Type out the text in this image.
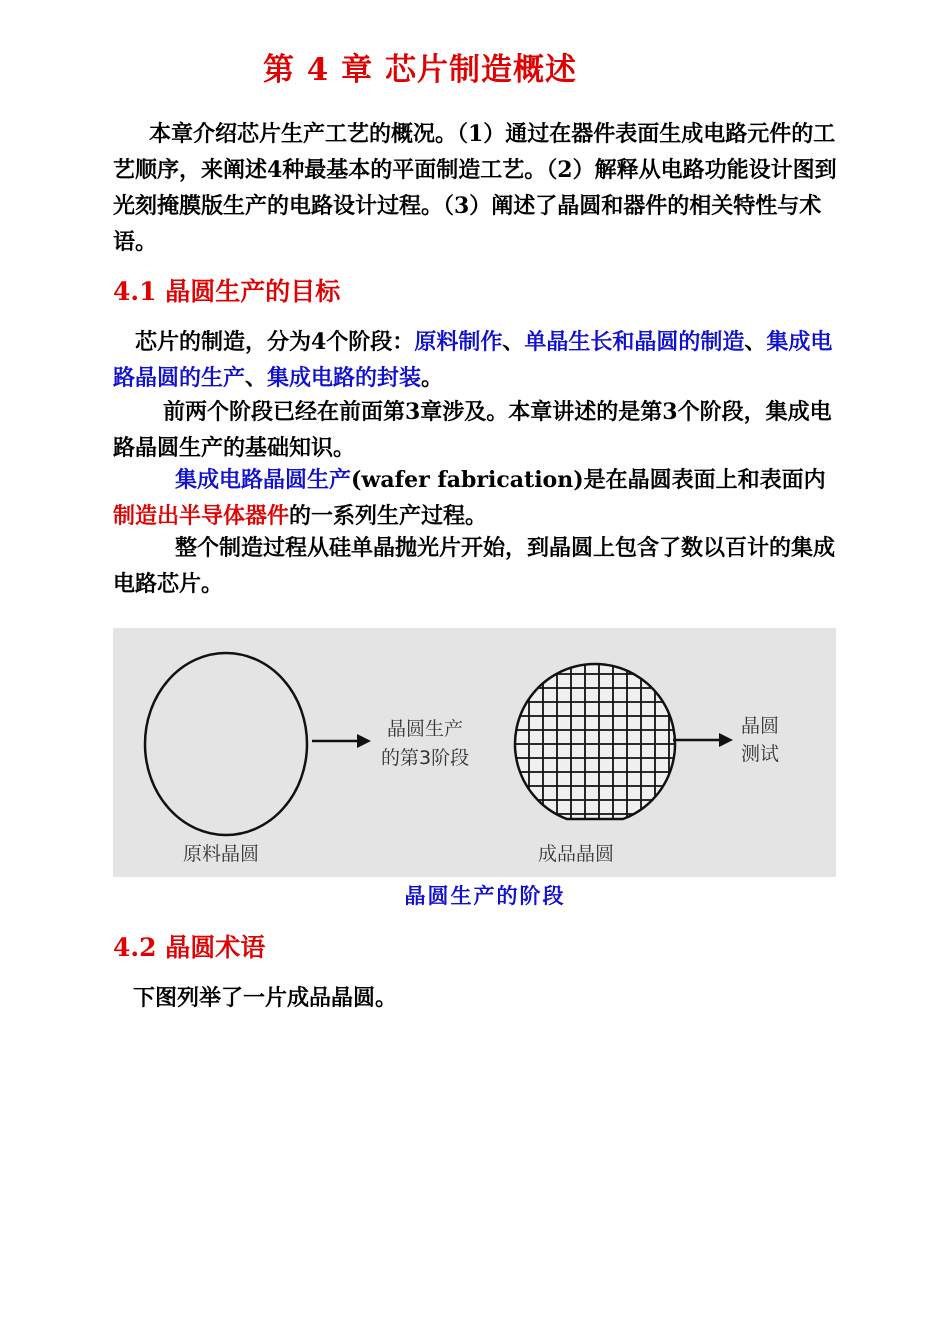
第 4 章 芯片制造概述
本章介绍芯片生产工艺的概况。（1）通过在器件表面生成电路元件的工艺顺序，来阐述4种最基本的平面制造工艺。（2）解释从电路功能设计图到光刻掩膜版生产的电路设计过程。（3）阐述了晶圆和器件的相关特性与术语。
4.1 晶圆生产的目标
芯片的制造，分为4个阶段：原料制作、单晶生长和晶圆的制造、集成电路晶圆的生产、集成电路的封装。
前两个阶段已经在前面第3章涉及。本章讲述的是第3个阶段，集成电路晶圆生产的基础知识。
集成电路晶圆生产(wafer fabrication)是在晶圆表面上和表面内制造出半导体器件的一系列生产过程。
整个制造过程从硅单晶抛光片开始，到晶圆上包含了数以百计的集成电路芯片。
原料晶圆
晶圆生产
的第3阶段
成品晶圆
晶圆
测试
晶圆生产的阶段
4.2 晶圆术语
下图列举了一片成品晶圆。
